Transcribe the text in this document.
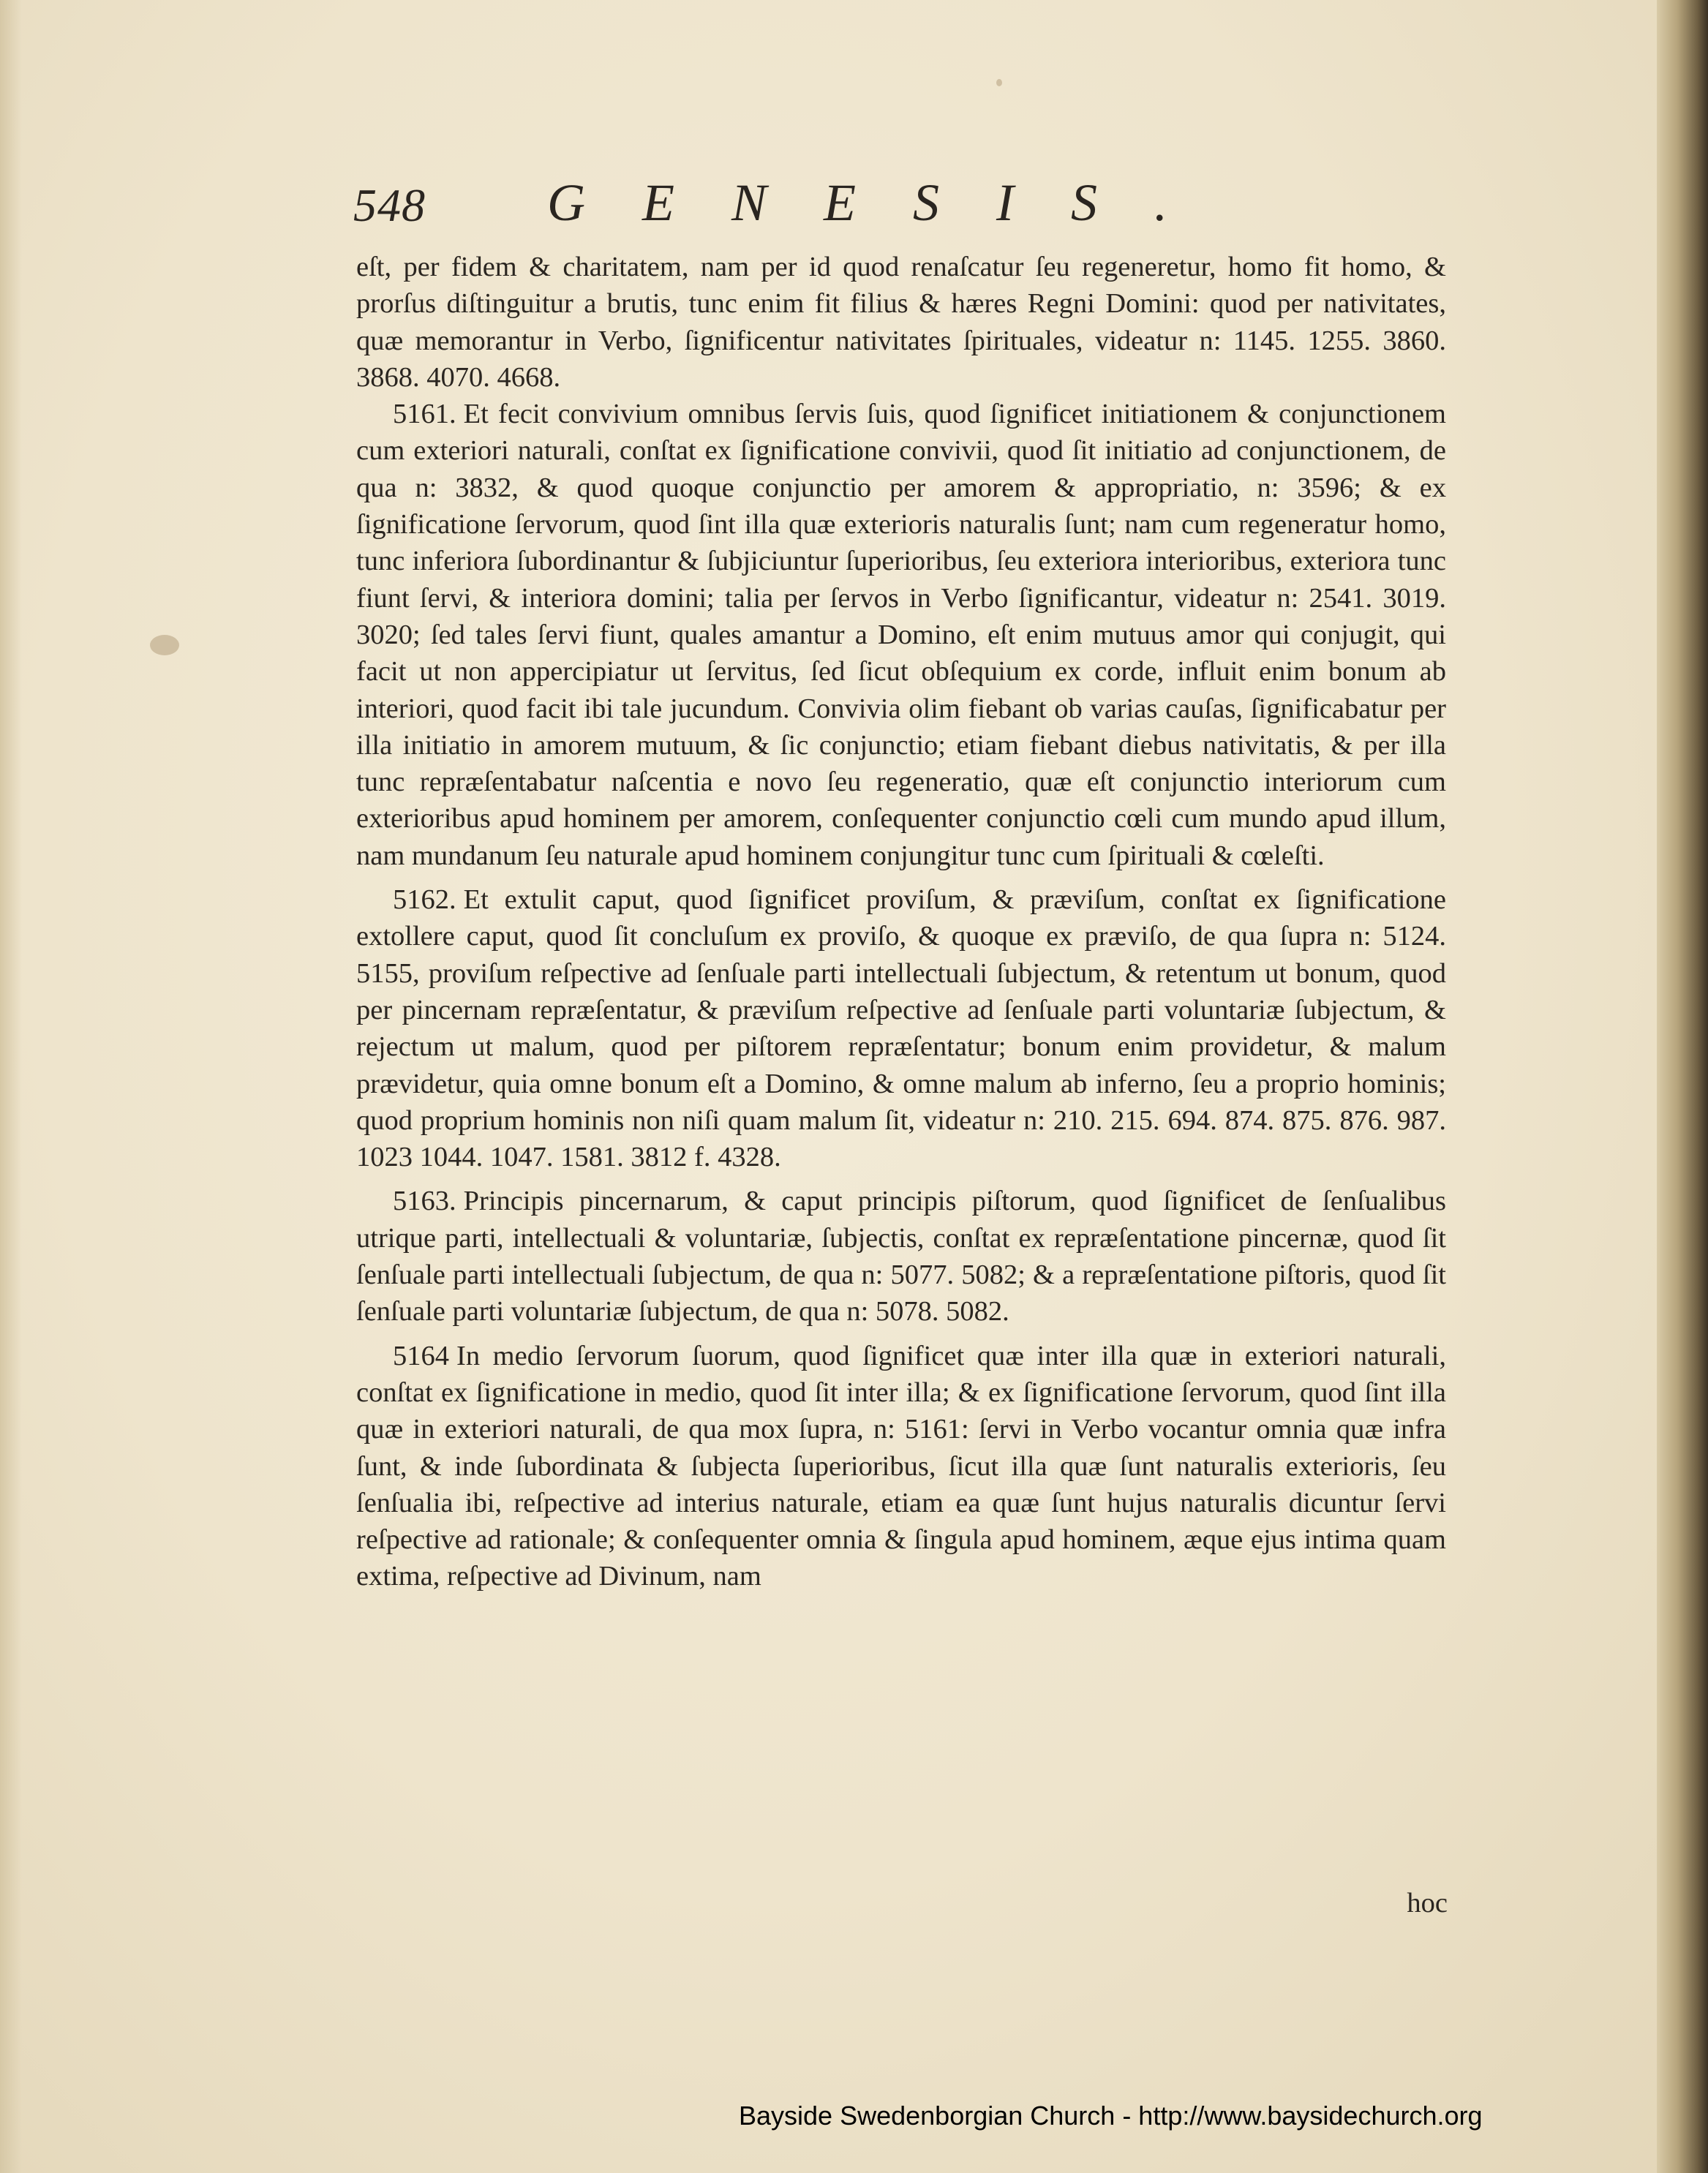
548 GENESIS.

eſt, per fidem & charitatem, nam per id quod renaſcatur ſeu regeneretur, homo fit homo, & prorſus diſtinguitur a brutis, tunc enim fit filius & hæres Regni Domini: quod per nativitates, quæ memorantur in Verbo, ſignificentur nativitates ſpirituales, videatur n: 1145. 1255. 3860. 3868. 4070. 4668.

5161. Et fecit convivium omnibus ſervis ſuis, quod ſignificet initiationem & conjunctionem cum exteriori naturali, conſtat ex ſignificatione convivii, quod ſit initiatio ad conjunctionem, de qua n: 3832, & quod quoque conjunctio per amorem & appropriatio, n: 3596; & ex ſignificatione ſervorum, quod ſint illa quæ exterioris naturalis ſunt; nam cum regeneratur homo, tunc inferiora ſubordinantur & ſubjiciuntur ſuperioribus, ſeu exteriora interioribus, exteriora tunc fiunt ſervi, & interiora domini; talia per ſervos in Verbo ſignificantur, videatur n: 2541. 3019. 3020; ſed tales ſervi fiunt, quales amantur a Domino, eſt enim mutuus amor qui conjugit, qui facit ut non appercipiatur ut ſervitus, ſed ſicut obſequium ex corde, influit enim bonum ab interiori, quod facit ibi tale jucundum. Convivia olim fiebant ob varias cauſas, ſignificabatur per illa initiatio in amorem mutuum, & ſic conjunctio; etiam fiebant diebus nativitatis, & per illa tunc repræſentabatur naſcentia e novo ſeu regeneratio, quæ eſt conjunctio interiorum cum exterioribus apud hominem per amorem, conſequenter conjunctio cœli cum mundo apud illum, nam mundanum ſeu naturale apud hominem conjungitur tunc cum ſpirituali & cœleſti.

5162. Et extulit caput, quod ſignificet proviſum, & præviſum, conſtat ex ſignificatione extollere caput, quod ſit concluſum ex proviſo, & quoque ex præviſo, de qua ſupra n: 5124. 5155, proviſum reſpective ad ſenſuale parti intellectuali ſubjectum, & retentum ut bonum, quod per pincernam repræſentatur, & præviſum reſpective ad ſenſuale parti voluntariæ ſubjectum, & rejectum ut malum, quod per piſtorem repræſentatur; bonum enim providetur, & malum prævidetur, quia omne bonum eſt a Domino, & omne malum ab inferno, ſeu a proprio hominis; quod proprium hominis non niſi quam malum ſit, videatur n: 210. 215. 694. 874. 875. 876. 987. 1023 1044. 1047. 1581. 3812 f. 4328.

5163. Principis pincernarum, & caput principis piſtorum, quod ſignificet de ſenſualibus utrique parti, intellectuali & voluntariæ, ſubjectis, conſtat ex repræſentatione pincernæ, quod ſit ſenſuale parti intellectuali ſubjectum, de qua n: 5077. 5082; & a repræſentatione piſtoris, quod ſit ſenſuale parti voluntariæ ſubjectum, de qua n: 5078. 5082.

5164 In medio ſervorum ſuorum, quod ſignificet quæ inter illa quæ in exteriori naturali, conſtat ex ſignificatione in medio, quod ſit inter illa; & ex ſignificatione ſervorum, quod ſint illa quæ in exteriori naturali, de qua mox ſupra, n: 5161: ſervi in Verbo vocantur omnia quæ infra ſunt, & inde ſubordinata & ſubjecta ſuperioribus, ſicut illa quæ ſunt naturalis exterioris, ſeu ſenſualia ibi, reſpective ad interius naturale, etiam ea quæ ſunt hujus naturalis dicuntur ſervi reſpective ad rationale; & conſequenter omnia & ſingula apud hominem, æque ejus intima quam extima, reſpective ad Divinum, nam

hoc
Bayside Swedenborgian Church - http://www.baysidechurch.org
